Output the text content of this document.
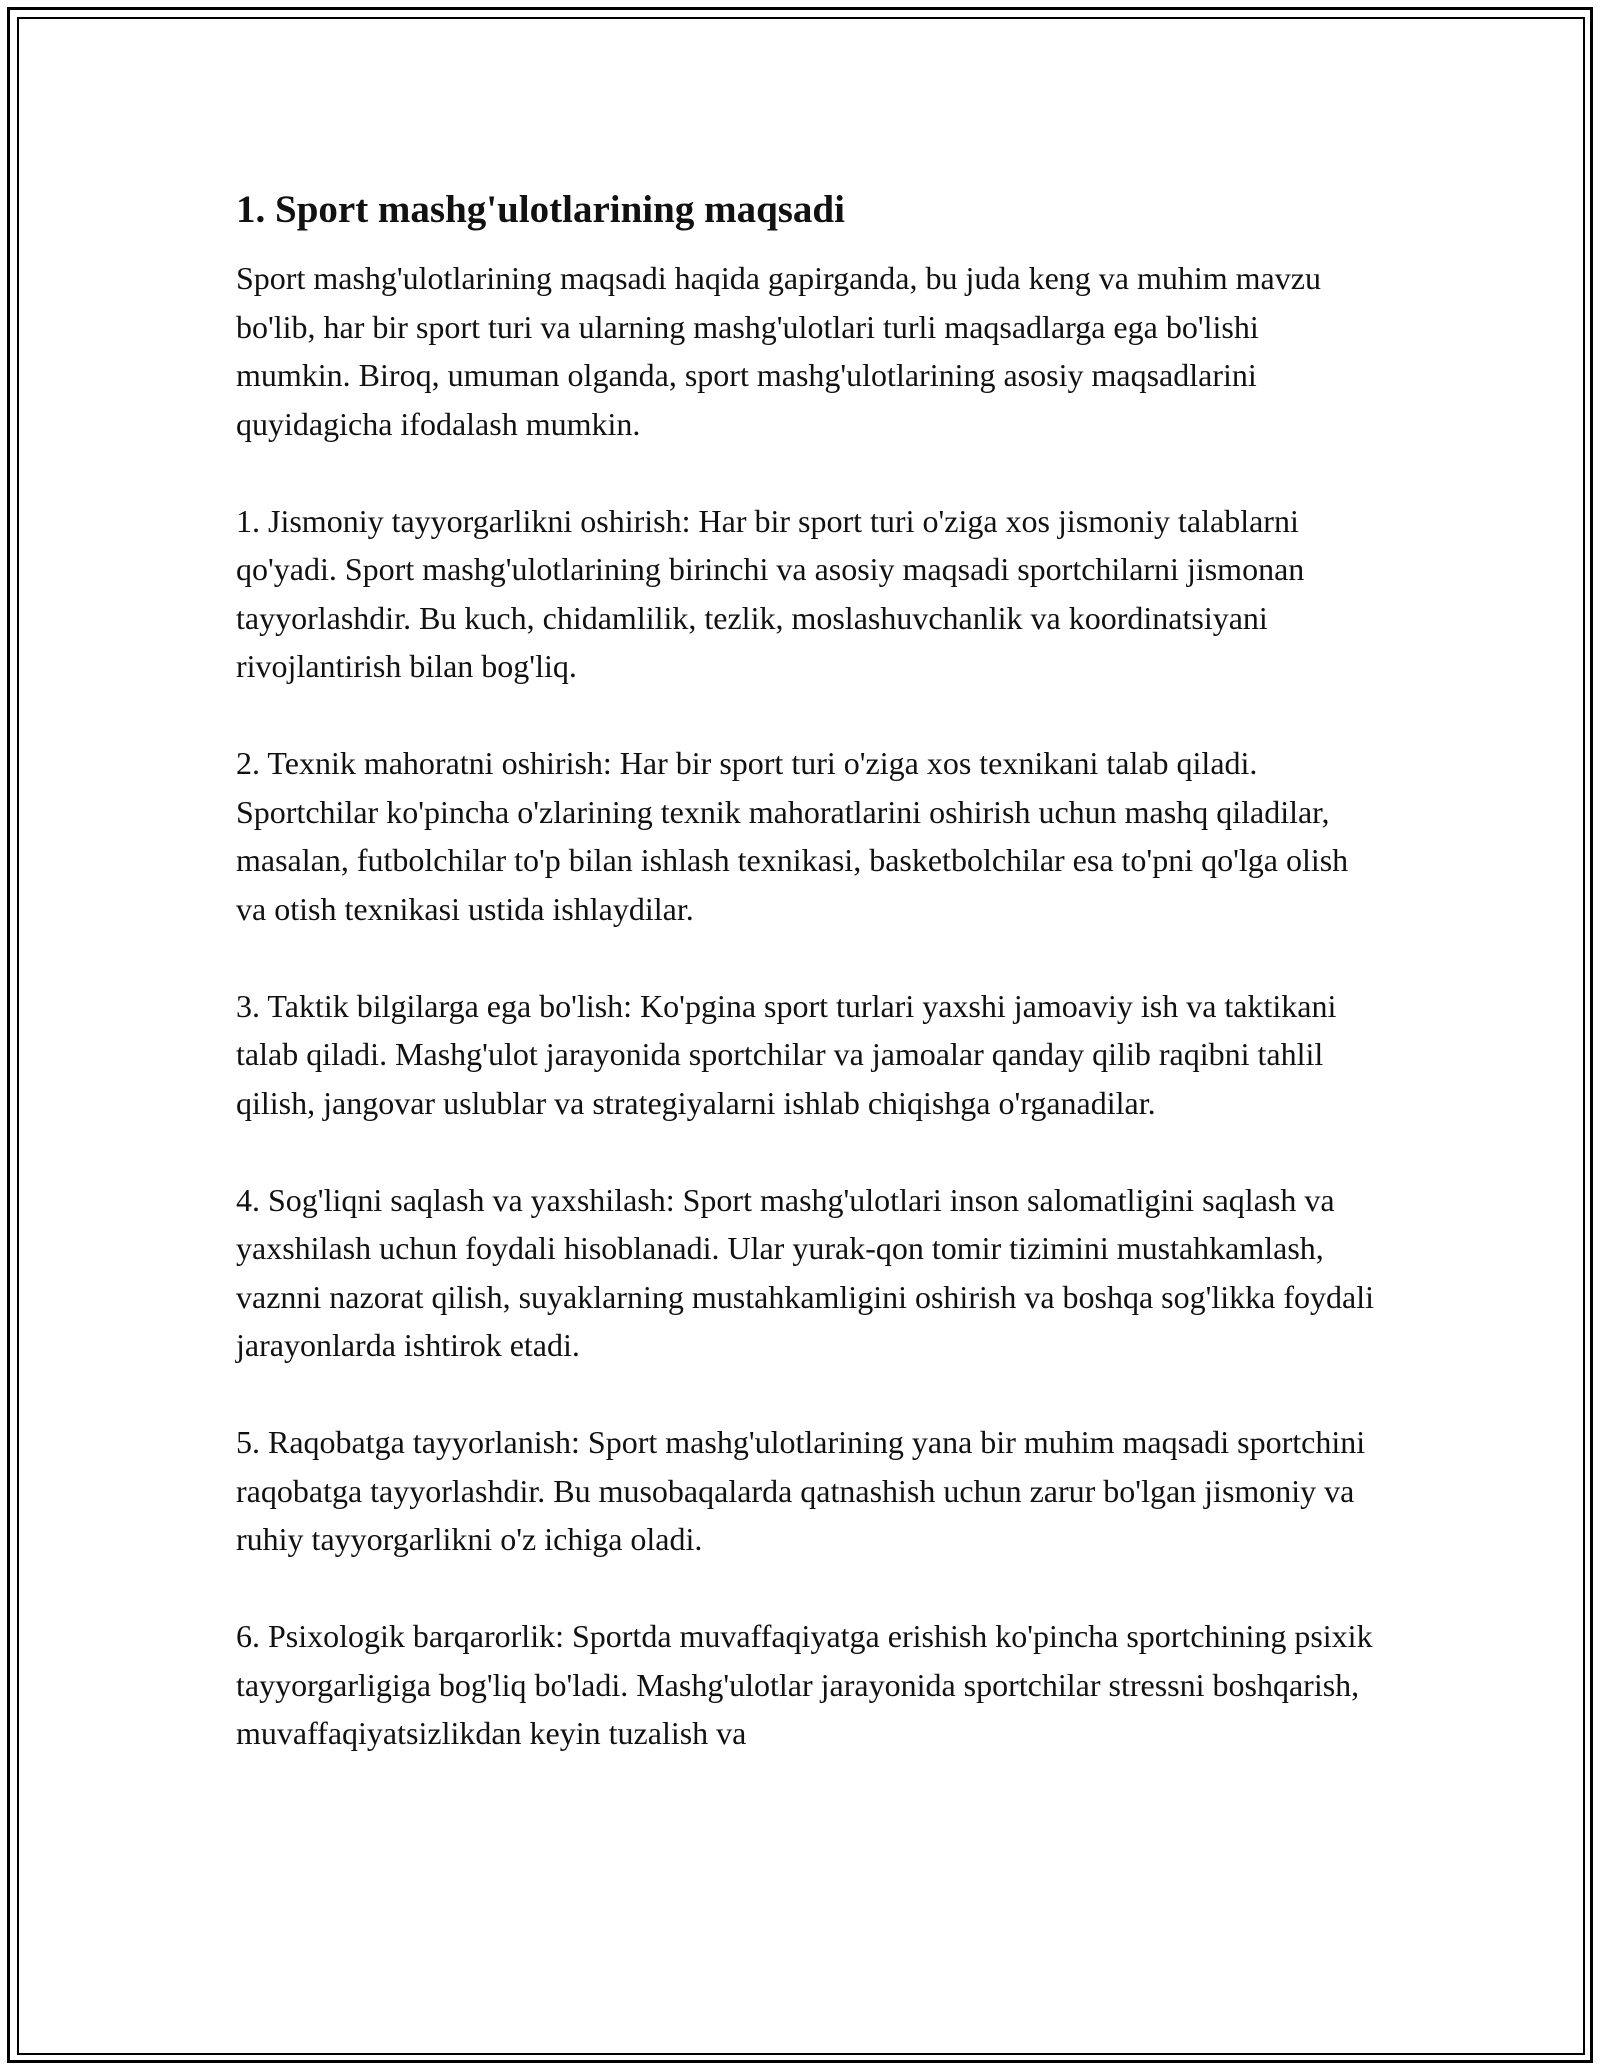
1. Sport mashg'ulotlarining maqsadi

Sport mashg'ulotlarining maqsadi haqida gapirganda, bu juda keng va muhim mavzu bo'lib, har bir sport turi va ularning mashg'ulotlari turli maqsadlarga ega bo'lishi mumkin. Biroq, umuman olganda, sport mashg'ulotlarining asosiy maqsadlarini quyidagicha ifodalash mumkin.

1. Jismoniy tayyorgarlikni oshirish: Har bir sport turi o'ziga xos jismoniy talablarni qo'yadi. Sport mashg'ulotlarining birinchi va asosiy maqsadi sportchilarni jismonan tayyorlashdir. Bu kuch, chidamlilik, tezlik, moslashuvchanlik va koordinatsiyani rivojlantirish bilan bog'liq.

2. Texnik mahoratni oshirish: Har bir sport turi o'ziga xos texnikani talab qiladi. Sportchilar ko'pincha o'zlarining texnik mahoratlarini oshirish uchun mashq qiladilar, masalan, futbolchilar to'p bilan ishlash texnikasi, basketbolchilar esa to'pni qo'lga olish va otish texnikasi ustida ishlaydilar.

3. Taktik bilgilarga ega bo'lish: Ko'pgina sport turlari yaxshi jamoaviy ish va taktikani talab qiladi. Mashg'ulot jarayonida sportchilar va jamoalar qanday qilib raqibni tahlil qilish, jangovar uslublar va strategiyalarni ishlab chiqishga o'rganadilar.

4. Sog'liqni saqlash va yaxshilash: Sport mashg'ulotlari inson salomatligini saqlash va yaxshilash uchun foydali hisoblanadi. Ular yurak-qon tomir tizimini mustahkamlash, vaznni nazorat qilish, suyaklarning mustahkamligini oshirish va boshqa sog'likka foydali jarayonlarda ishtirok etadi.

5. Raqobatga tayyorlanish: Sport mashg'ulotlarining yana bir muhim maqsadi sportchini raqobatga tayyorlashdir. Bu musobaqalarda qatnashish uchun zarur bo'lgan jismoniy va ruhiy tayyorgarlikni o'z ichiga oladi.

6. Psixologik barqarorlik: Sportda muvaffaqiyatga erishish ko'pincha sportchining psixik tayyorgarligiga bog'liq bo'ladi. Mashg'ulotlar jarayonida sportchilar stressni boshqarish, muvaffaqiyatsizlikdan keyin tuzalish va
